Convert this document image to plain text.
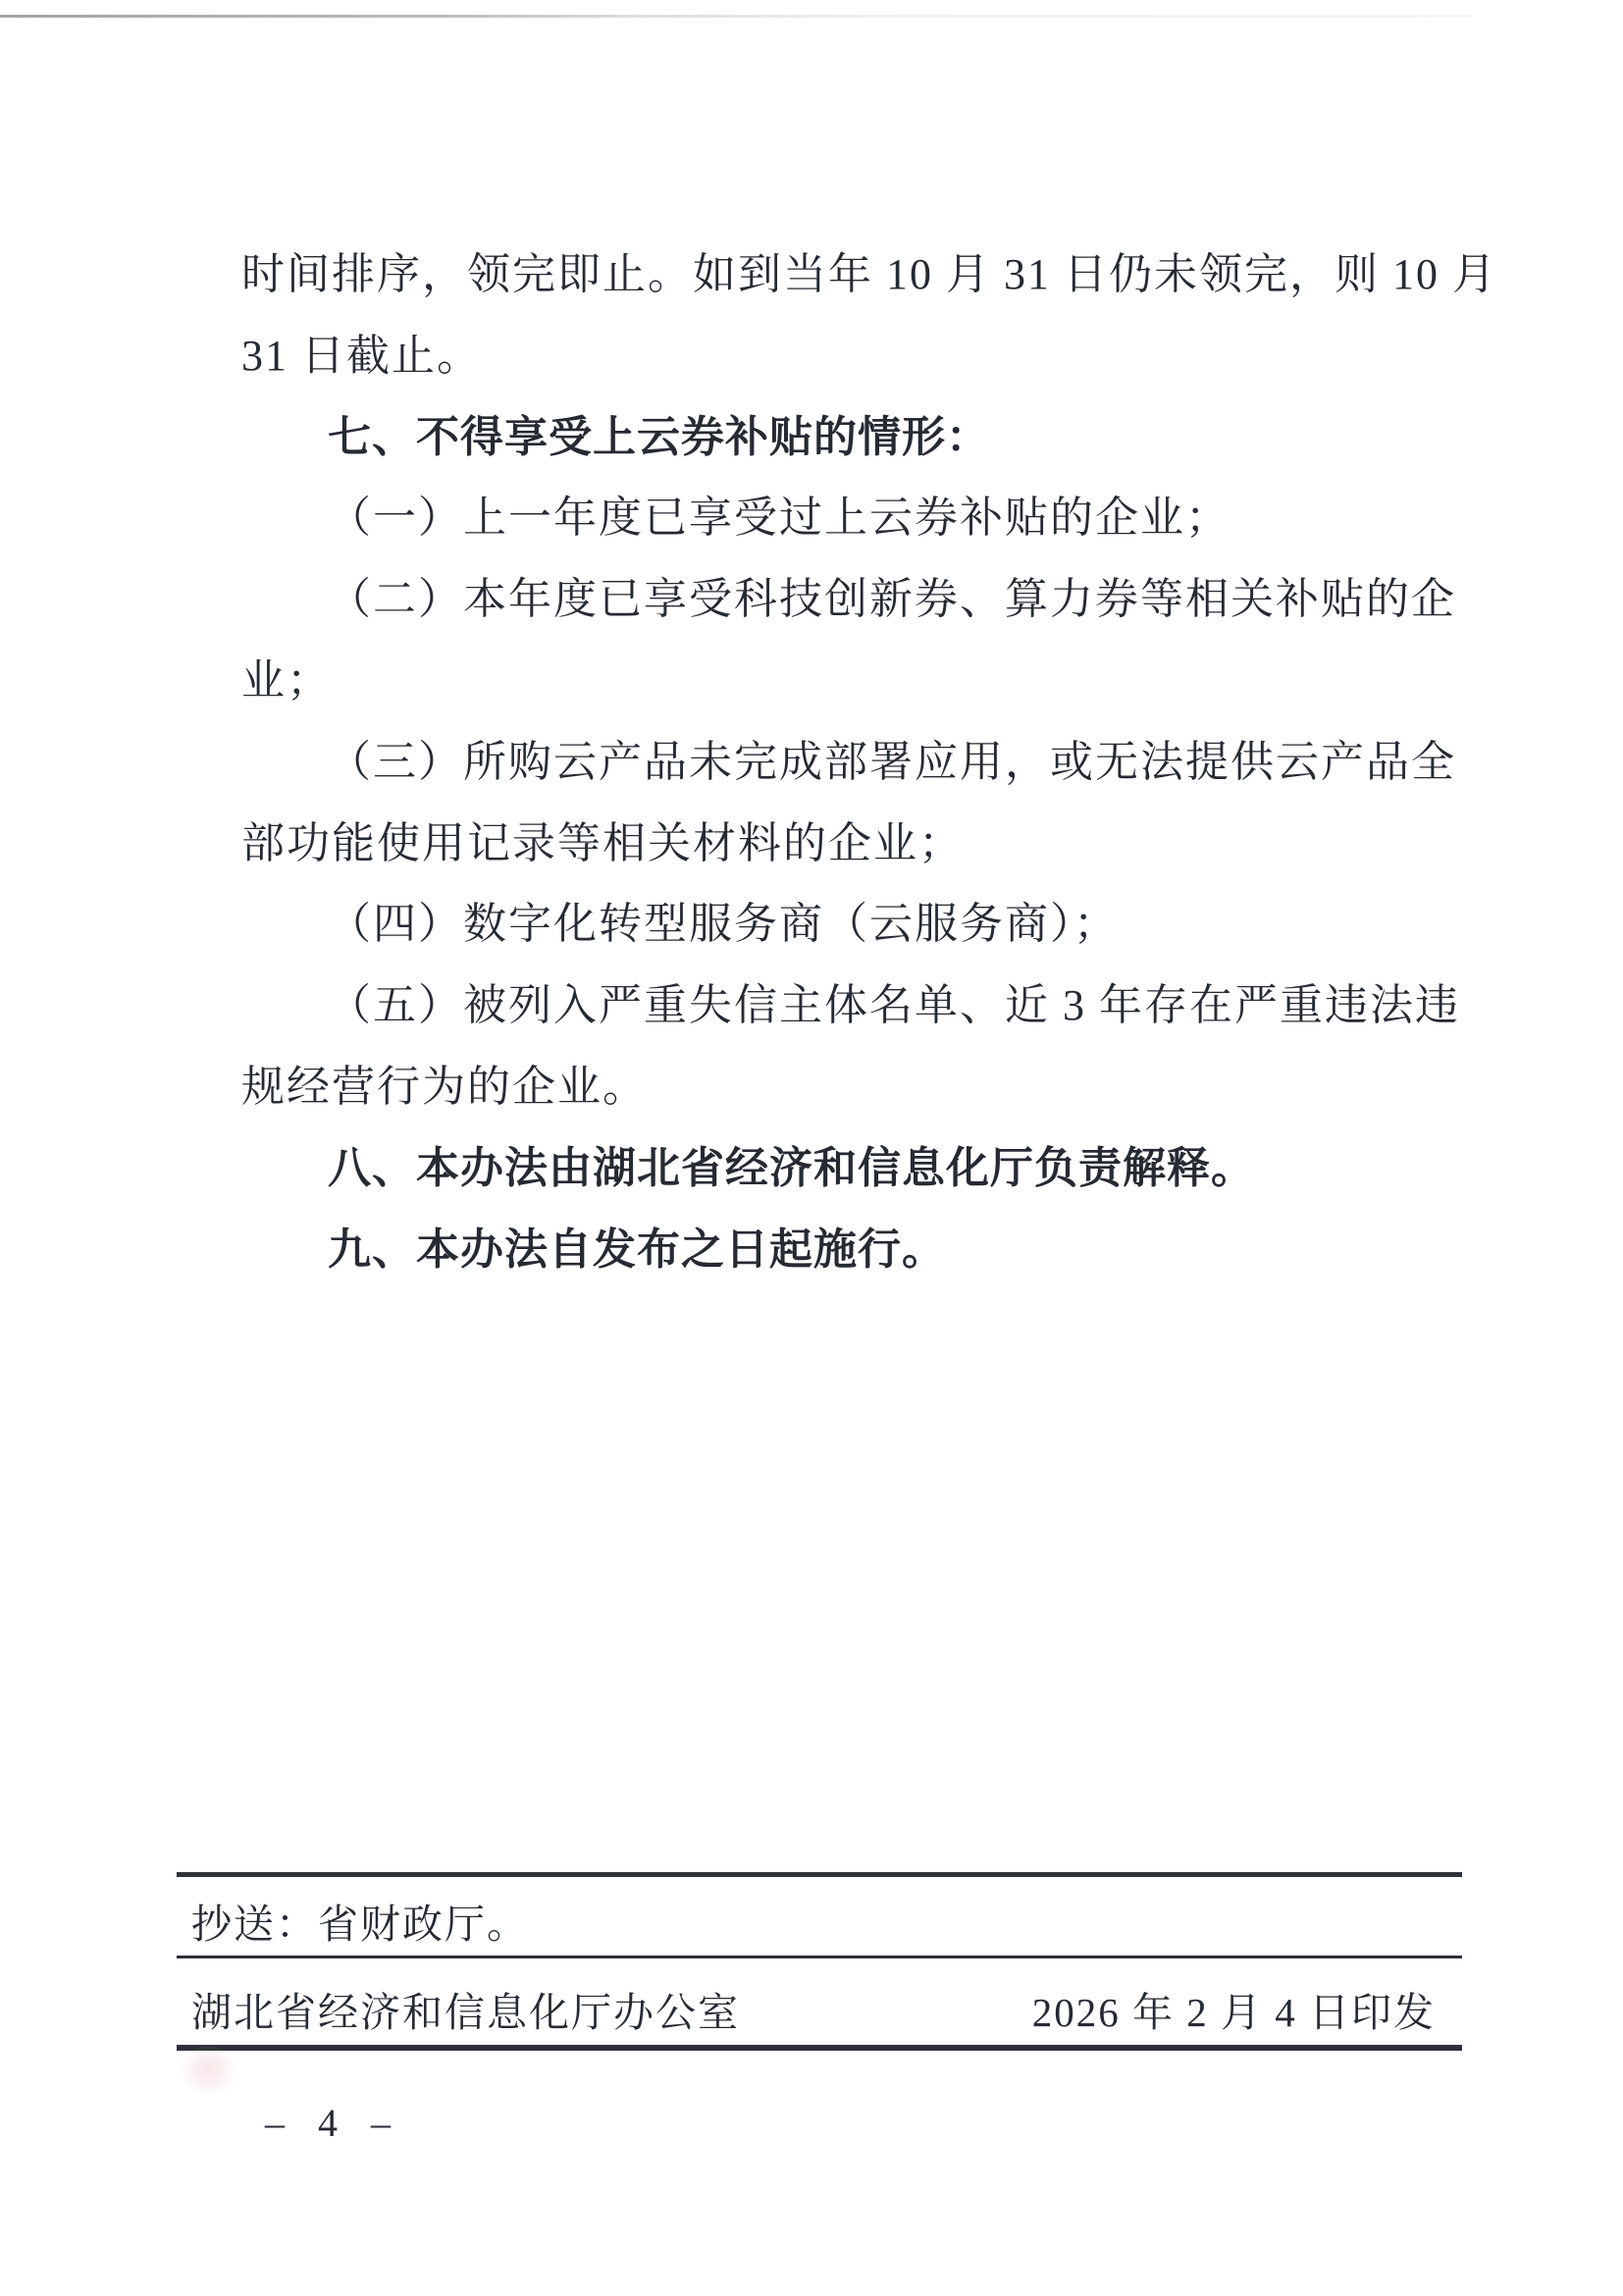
时间排序，领完即止。如到当年 10 月 31 日仍未领完，则 10 月
31 日截止。
七、不得享受上云券补贴的情形：
（一）上一年度已享受过上云券补贴的企业；
（二）本年度已享受科技创新券、算力券等相关补贴的企
业；
（三）所购云产品未完成部署应用，或无法提供云产品全
部功能使用记录等相关材料的企业；
（四）数字化转型服务商（云服务商）；
（五）被列入严重失信主体名单、近 3 年存在严重违法违
规经营行为的企业。
八、本办法由湖北省经济和信息化厅负责解释。
九、本办法自发布之日起施行。
抄送：省财政厅。
湖北省经济和信息化厅办公室	2026 年 2 月 4 日印发
– 4 –
